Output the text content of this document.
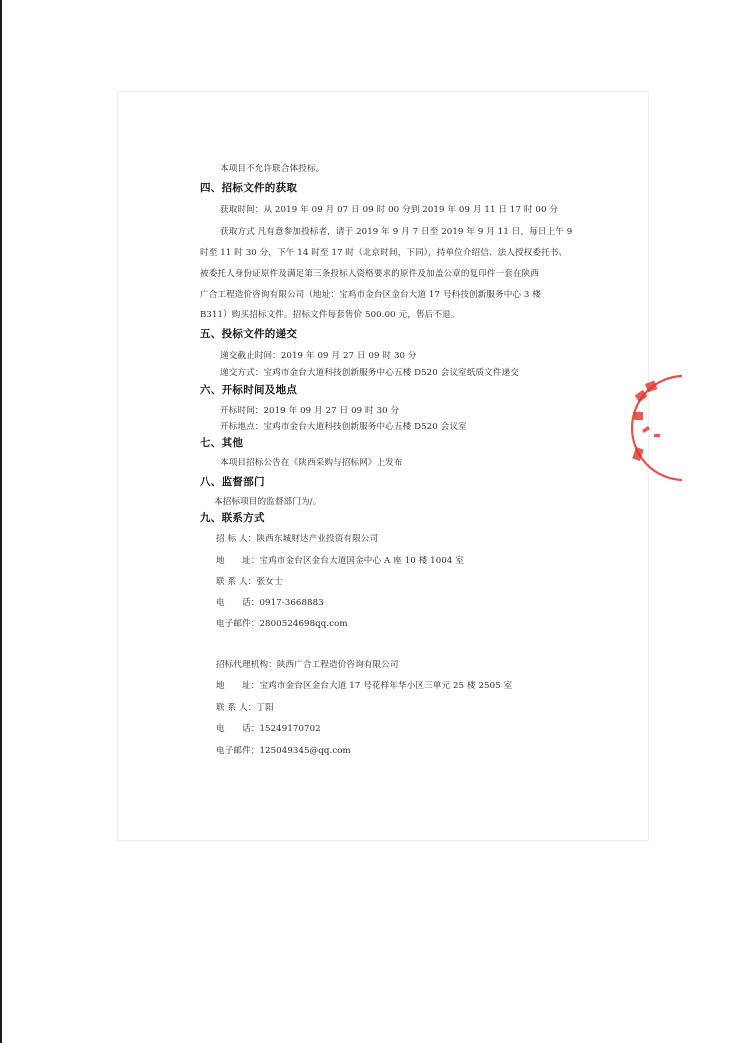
本项目不允许联合体投标。
四、招标文件的获取
获取时间：从 2019 年 09 月 07 日 09 时 00 分到 2019 年 09 月 11 日 17 时 00 分
获取方式 凡有意参加投标者，请于 2019 年 9 月 7 日至 2019 年 9 月 11 日，每日上午 9
时至 11 时 30 分，下午 14 时至 17 时（北京时间，下同），持单位介绍信、法人授权委托书、
被委托人身份证原件及满足第三条投标人资格要求的原件及加盖公章的复印件一套在陕西
广合工程造价咨询有限公司（地址：宝鸡市金台区金台大道 17 号科技创新服务中心 3 楼
B311）购买招标文件。招标文件每套售价 500.00 元，售后不退。
五、投标文件的递交
递交截止时间：2019 年 09 月 27 日 09 时 30 分
递交方式：宝鸡市金台大道科技创新服务中心五楼 D520 会议室纸质文件递交
六、开标时间及地点
开标时间：2019 年 09 月 27 日 09 时 30 分
开标地点：宝鸡市金台大道科技创新服务中心五楼 D520 会议室
七、其他
本项目招标公告在《陕西采购与招标网》上发布
八、监督部门
本招标项目的监督部门为/。
九、联系方式
招 标 人：陕西东城财达产业投资有限公司
地　　址：宝鸡市金台区金台大道国金中心 A 座 10 楼 1004 室
联 系 人：张女士
电　　话：0917-3668883
电子邮件：2800524698qq.com
招标代理机构：陕西广合工程造价咨询有限公司
地　　址：宝鸡市金台区金台大道 17 号花样年华小区三单元 25 楼 2505 室
联 系 人：丁阳
电　　话：15249170702
电子邮件：125049345@qq.com
